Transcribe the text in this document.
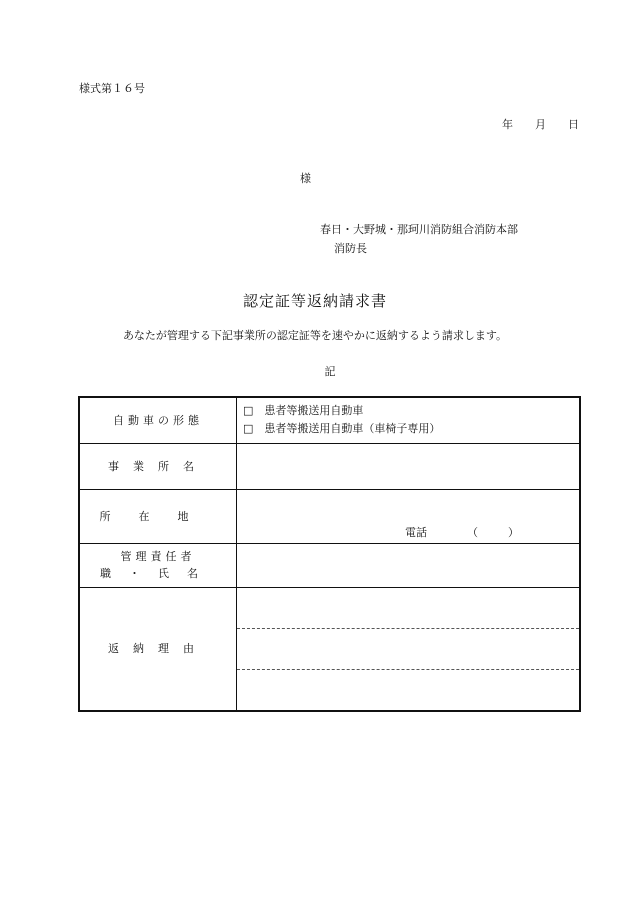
様式第１６号
年 月 日
様
春日・大野城・那珂川消防組合消防本部
消防長
認定証等返納請求書
あなたが管理する下記事業所の認定証等を速やかに返納するよう請求します。
記
自動車の形態	□　患者等搬送用自動車
□　患者等搬送用自動車（車椅子専用）

事業所名	
所在地	電話 （ ）

管理責任者
職・氏名	

返納理由	
